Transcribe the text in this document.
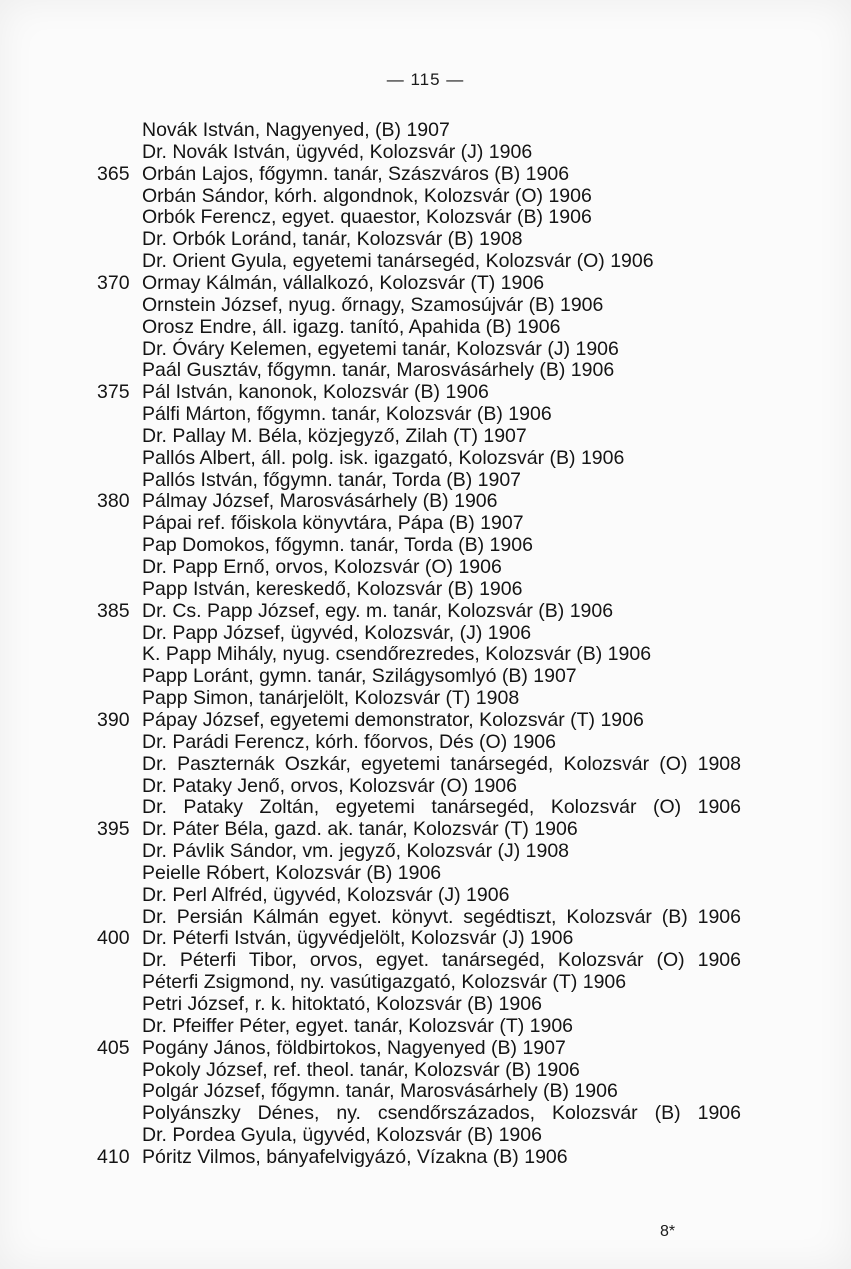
— 115 —
Novák István, Nagyenyed, (B) 1907
Dr. Novák István, ügyvéd, Kolozsvár (J) 1906
365 Orbán Lajos, főgymn. tanár, Szászváros (B) 1906
Orbán Sándor, kórh. algondnok, Kolozsvár (O) 1906
Orbók Ferencz, egyet. quaestor, Kolozsvár (B) 1906
Dr. Orbók Loránd, tanár, Kolozsvár (B) 1908
Dr. Orient Gyula, egyetemi tanársegéd, Kolozsvár (O) 1906
370 Ormay Kálmán, vállalkozó, Kolozsvár (T) 1906
Ornstein József, nyug. őrnagy, Szamosújvár (B) 1906
Orosz Endre, áll. igazg. tanító, Apahida (B) 1906
Dr. Óváry Kelemen, egyetemi tanár, Kolozsvár (J) 1906
Paál Gusztáv, főgymn. tanár, Marosvásárhely (B) 1906
375 Pál István, kanonok, Kolozsvár (B) 1906
Pálfi Márton, főgymn. tanár, Kolozsvár (B) 1906
Dr. Pallay M. Béla, közjegyző, Zilah (T) 1907
Pallós Albert, áll. polg. isk. igazgató, Kolozsvár (B) 1906
Pallós István, főgymn. tanár, Torda (B) 1907
380 Pálmay József, Marosvásárhely (B) 1906
Pápai ref. főiskola könyvtára, Pápa (B) 1907
Pap Domokos, főgymn. tanár, Torda (B) 1906
Dr. Papp Ernő, orvos, Kolozsvár (O) 1906
Papp István, kereskedő, Kolozsvár (B) 1906
385 Dr. Cs. Papp József, egy. m. tanár, Kolozsvár (B) 1906
Dr. Papp József, ügyvéd, Kolozsvár, (J) 1906
K. Papp Mihály, nyug. csendőrezredes, Kolozsvár (B) 1906
Papp Loránt, gymn. tanár, Szilágysomlyó (B) 1907
Papp Simon, tanárjelölt, Kolozsvár (T) 1908
390 Pápay József, egyetemi demonstrator, Kolozsvár (T) 1906
Dr. Parádi Ferencz, kórh. főorvos, Dés (O) 1906
Dr. Paszternák Oszkár, egyetemi tanársegéd, Kolozsvár (O) 1908
Dr. Pataky Jenő, orvos, Kolozsvár (O) 1906
Dr. Pataky Zoltán, egyetemi tanársegéd, Kolozsvár (O) 1906
395 Dr. Páter Béla, gazd. ak. tanár, Kolozsvár (T) 1906
Dr. Pávlik Sándor, vm. jegyző, Kolozsvár (J) 1908
Peielle Róbert, Kolozsvár (B) 1906
Dr. Perl Alfréd, ügyvéd, Kolozsvár (J) 1906
Dr. Persián Kálmán egyet. könyvt. segédtiszt, Kolozsvár (B) 1906
400 Dr. Péterfi István, ügyvédjelölt, Kolozsvár (J) 1906
Dr. Péterfi Tibor, orvos, egyet. tanársegéd, Kolozsvár (O) 1906
Péterfi Zsigmond, ny. vasútigazgató, Kolozsvár (T) 1906
Petri József, r. k. hitoktató, Kolozsvár (B) 1906
Dr. Pfeiffer Péter, egyet. tanár, Kolozsvár (T) 1906
405 Pogány János, földbirtokos, Nagyenyed (B) 1907
Pokoly József, ref. theol. tanár, Kolozsvár (B) 1906
Polgár József, főgymn. tanár, Marosvásárhely (B) 1906
Polyánszky Dénes, ny. csendőrszázados, Kolozsvár (B) 1906
Dr. Pordea Gyula, ügyvéd, Kolozsvár (B) 1906
410 Póritz Vilmos, bányafelvigyázó, Vízakna (B) 1906
8*
